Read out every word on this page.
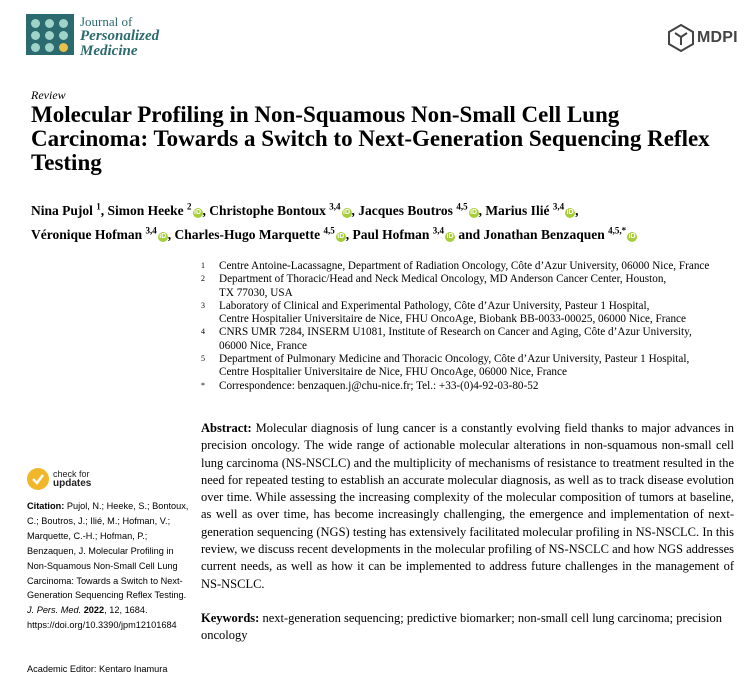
Journal of
Personalized
Medicine
MDPI
Review
Molecular Profiling in Non-Squamous Non-Small Cell Lung Carcinoma: Towards a Switch to Next-Generation Sequencing Reflex Testing
Nina Pujol $^1$, Simon Heeke $^2$iD , Christophe Bontoux $^{3,4}$iD , Jacques Boutros $^{4,5}$iD , Marius Ilié $^{3,4}$iD ,
Véronique Hofman $^{3,4}$iD , Charles-Hugo Marquette $^{4,5}$iD , Paul Hofman $^{3,4}$iD and Jonathan Benzaquen $^{4,5,*}$iD
1	Centre Antoine-Lacassagne, Department of Radiation Oncology, Côte d’Azur University, 06000 Nice, France
2	Department of Thoracic/Head and Neck Medical Oncology, MD Anderson Cancer Center, Houston,
TX 77030, USA
3	Laboratory of Clinical and Experimental Pathology, Côte d’Azur University, Pasteur 1 Hospital,
Centre Hospitalier Universitaire de Nice, FHU OncoAge, Biobank BB-0033-00025, 06000 Nice, France
4	CNRS UMR 7284, INSERM U1081, Institute of Research on Cancer and Aging, Côte d’Azur University,
06000 Nice, France
5	Department of Pulmonary Medicine and Thoracic Oncology, Côte d’Azur University, Pasteur 1 Hospital,
Centre Hospitalier Universitaire de Nice, FHU OncoAge, 06000 Nice, France
*	Correspondence: benzaquen.j@chu-nice.fr; Tel.: +33-(0)4-92-03-80-52
Abstract: Molecular diagnosis of lung cancer is a constantly evolving field thanks to major advances in precision oncology. The wide range of actionable molecular alterations in non-squamous non-small cell lung carcinoma (NS-NSCLC) and the multiplicity of mechanisms of resistance to treatment resulted in the need for repeated testing to establish an accurate molecular diagnosis, as well as to track disease evolution over time. While assessing the increasing complexity of the molecular composition of tumors at baseline, as well as over time, has become increasingly challenging, the emergence and implementation of next-generation sequencing (NGS) testing has extensively facilitated molecular profiling in NS-NSCLC. In this review, we discuss recent developments in the molecular profiling of NS-NSCLC and how NGS addresses current needs, as well as how it can be implemented to address future challenges in the management of NS-NSCLC.
Keywords: next-generation sequencing; predictive biomarker; non-small cell lung carcinoma; precision oncology
check for
updates
Citation: Pujol, N.; Heeke, S.; Bontoux, C.; Boutros, J.; Ilié, M.; Hofman, V.; Marquette, C.-H.; Hofman, P.; Benzaquen, J. Molecular Profiling in Non-Squamous Non-Small Cell Lung Carcinoma: Towards a Switch to Next-Generation Sequencing Reflex Testing. J. Pers. Med. 2022, 12, 1684. https://doi.org/10.3390/jpm12101684
Academic Editor: Kentaro Inamura
